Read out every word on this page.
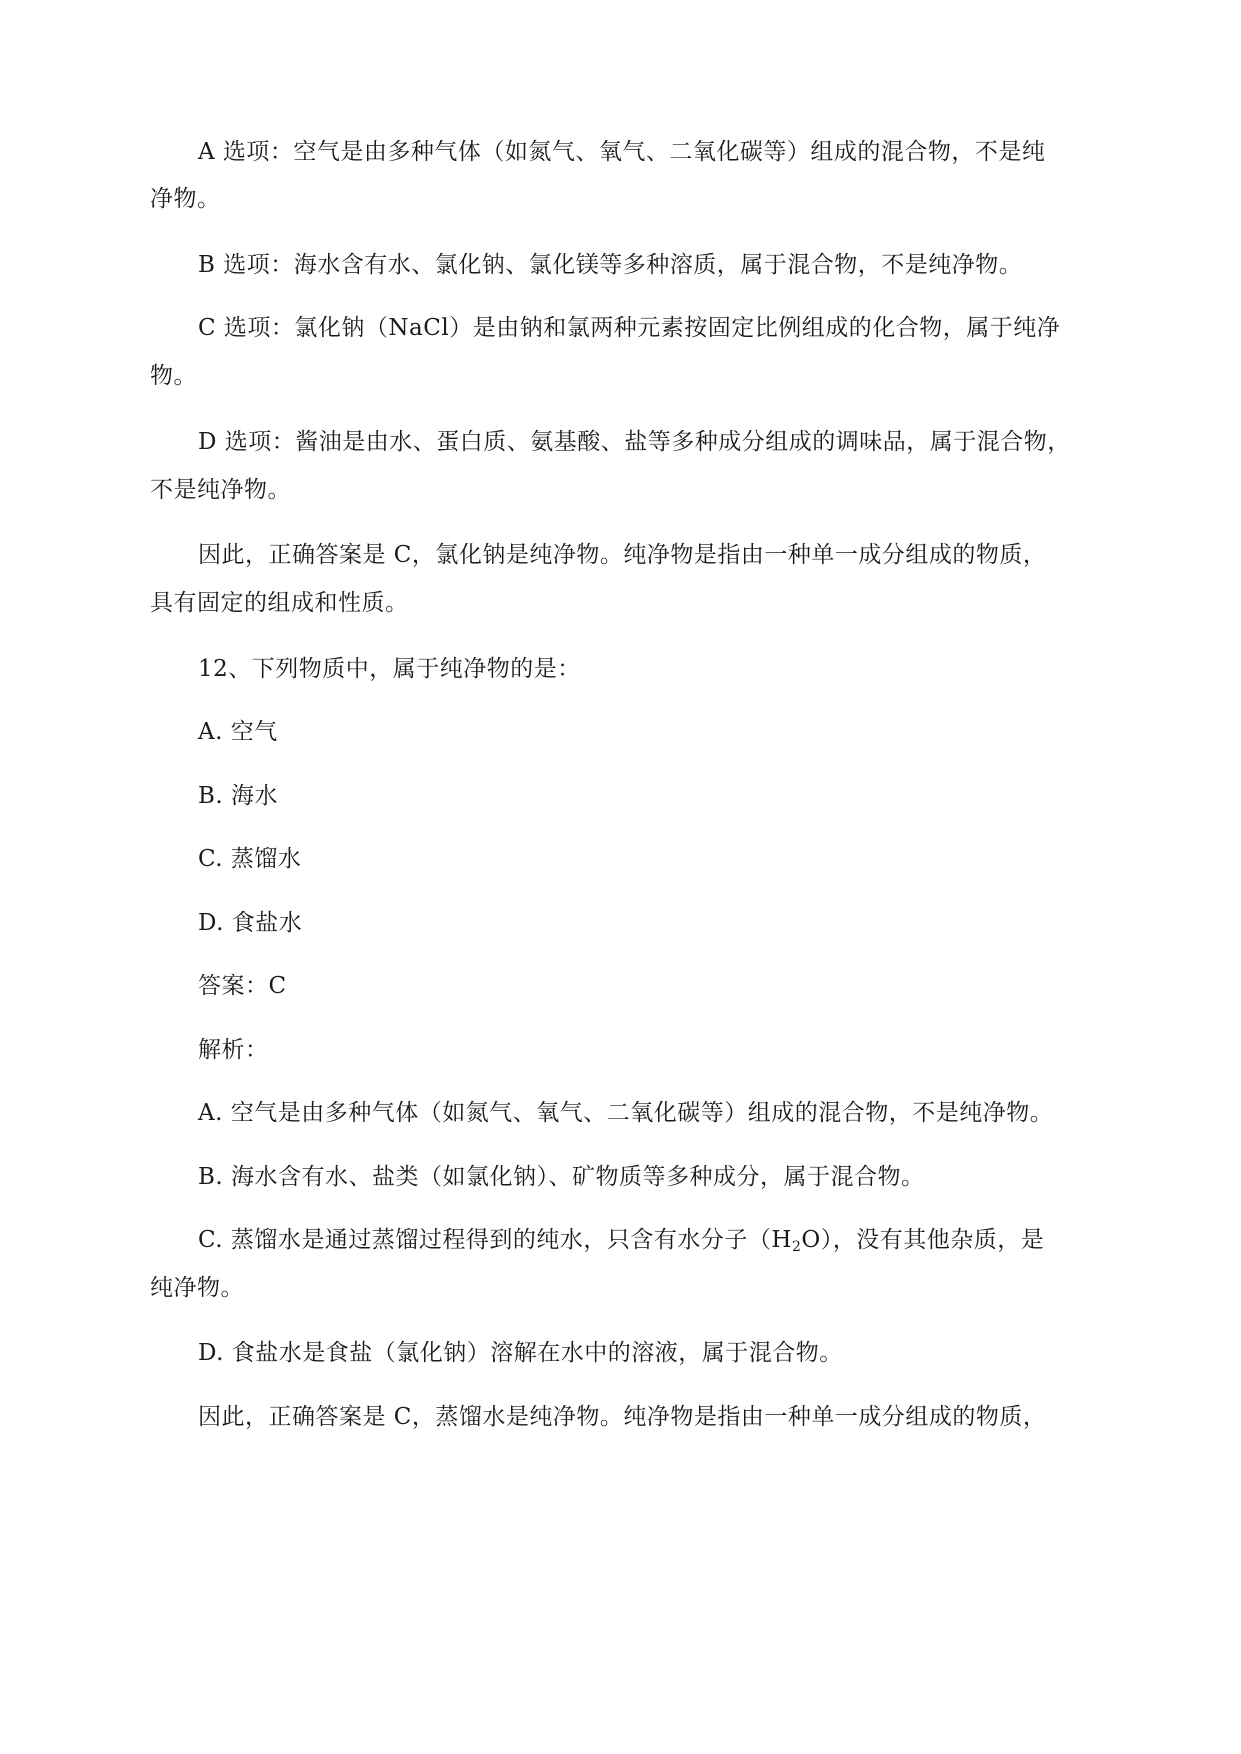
A 选项：空气是由多种气体（如氮气、氧气、二氧化碳等）组成的混合物，不是纯
净物。
B 选项：海水含有水、氯化钠、氯化镁等多种溶质，属于混合物，不是纯净物。
C 选项：氯化钠（NaCl）是由钠和氯两种元素按固定比例组成的化合物，属于纯净
物。
D 选项：酱油是由水、蛋白质、氨基酸、盐等多种成分组成的调味品，属于混合物，
不是纯净物。
因此，正确答案是 C，氯化钠是纯净物。纯净物是指由一种单一成分组成的物质，
具有固定的组成和性质。
12、下列物质中，属于纯净物的是：
A. 空气
B. 海水
C. 蒸馏水
D. 食盐水
答案：C
解析：
A. 空气是由多种气体（如氮气、氧气、二氧化碳等）组成的混合物，不是纯净物。
B. 海水含有水、盐类（如氯化钠）、矿物质等多种成分，属于混合物。
C. 蒸馏水是通过蒸馏过程得到的纯水，只含有水分子$(H_2O)$，没有其他杂质，是
纯净物。
D. 食盐水是食盐（氯化钠）溶解在水中的溶液，属于混合物。
因此，正确答案是 C，蒸馏水是纯净物。纯净物是指由一种单一成分组成的物质，
